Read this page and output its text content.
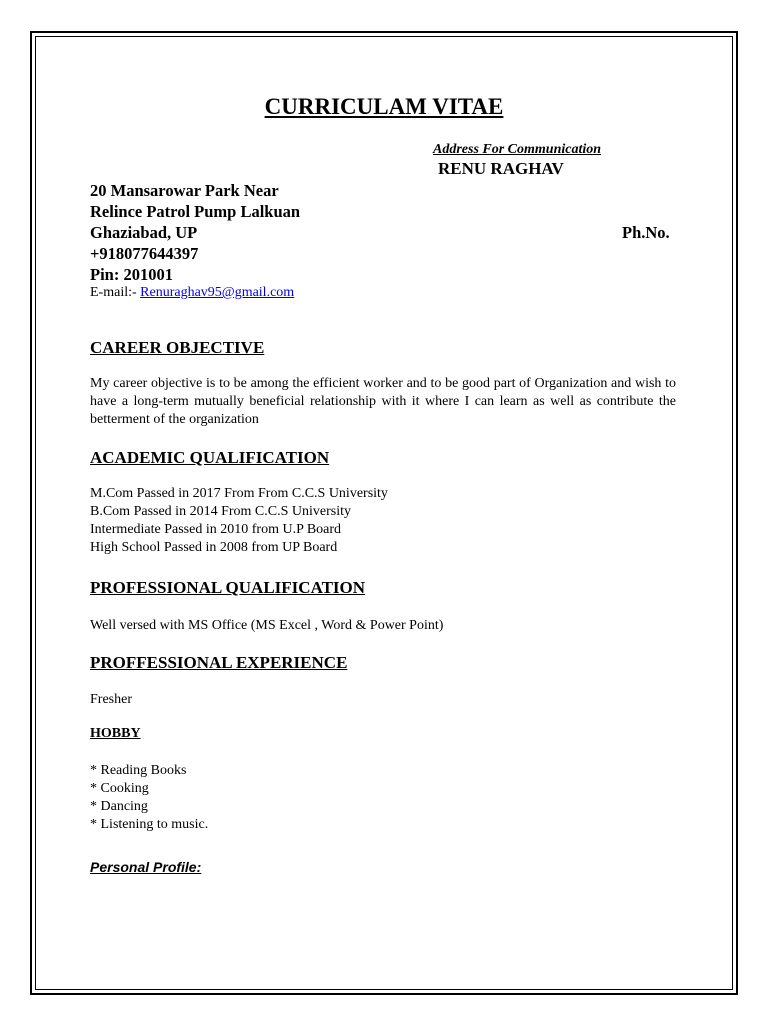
CURRICULAM VITAE
Address For Communication
RENU RAGHAV
20 Mansarowar Park Near
Relince Patrol Pump Lalkuan
Ghaziabad, UP	Ph.No.
+918077644397
Pin: 201001
E-mail:- Renuraghav95@gmail.com
CAREER OBJECTIVE
My career objective is to be among the efficient worker and to be good part of Organization and wish to have a long-term mutually beneficial relationship with it where I can learn as well as contribute the betterment of the organization
ACADEMIC QUALIFICATION
M.Com Passed in 2017 From From C.C.S University
B.Com Passed in 2014 From C.C.S University
Intermediate Passed in 2010 from U.P Board
High School Passed in 2008 from UP Board
PROFESSIONAL QUALIFICATION
Well versed with MS Office (MS Excel , Word & Power Point)
PROFFESSIONAL EXPERIENCE
Fresher
HOBBY
* Reading Books
* Cooking
* Dancing
* Listening to music.
Personal Profile:
